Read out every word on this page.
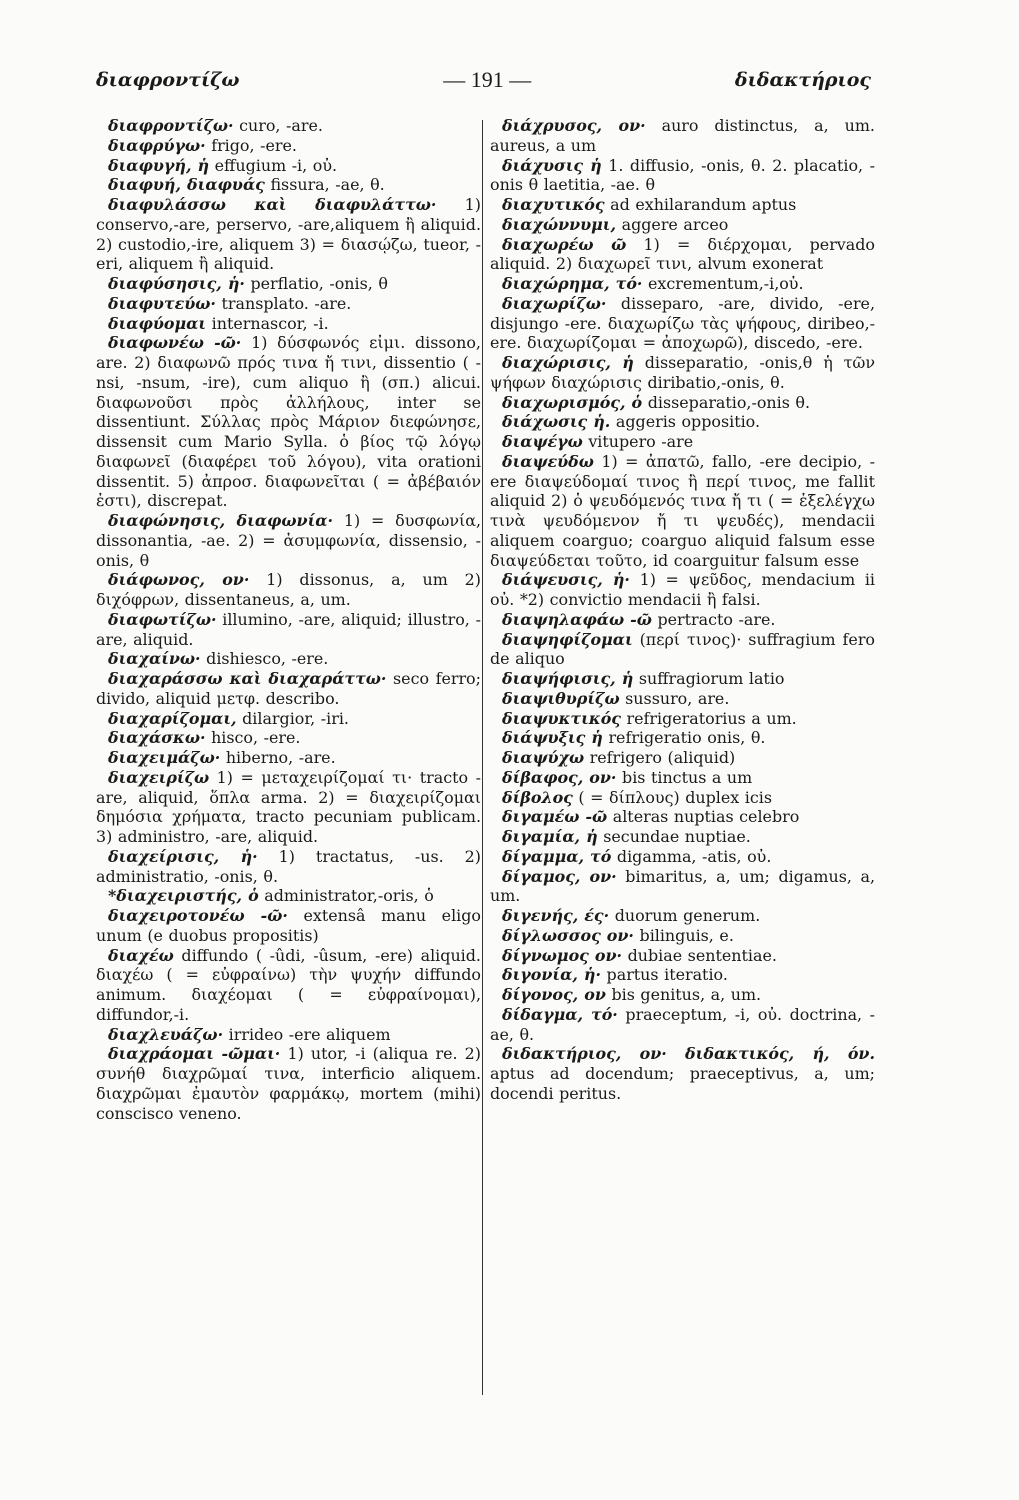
διαφροντίζω	— 191 —	διδακτήριος

διαφροντίζω· curo, -are.

διαφρύγω· frigo, -ere.

διαφυγή, ἡ effugium -i, οὐ.

διαφυή, διαφυάς fissura, -ae, θ.

διαφυλάσσω καὶ διαφυλάττω· 1) conservo,-are, perservo, -are,aliquem ἢ aliquid. 2) custodio,-ire, aliquem 3) = διασῴζω, tueor, -eri, aliquem ἢ aliquid.

διαφύσησις, ἡ· perflatio, -onis, θ

διαφυτεύω· transplato. -are.

διαφύομαι internascor, -i.

διαφωνέω -ῶ· 1) δύσφωνός εἰμι. dissono, are. 2) διαφωνῶ πρός τινα ἤ τινι, dissentio ( -nsi, -nsum, -ire), cum aliquo ἢ (σπ.) alicui. διαφωνοῦσι πρὸς ἀλλήλους, inter se dissentiunt. Σύλλας πρὸς Μάριον διεφώνησε, dissensit cum Mario Sylla. ὁ βίος τῷ λόγῳ διαφωνεῖ (διαφέρει τοῦ λόγου), vita orationi dissentit. 5) ἀπροσ. διαφωνεῖται ( = ἀβέβαιόν ἐστι), discrepat.

διαφώνησις, διαφωνία· 1) = δυσφωνία, dissonantia, -ae. 2) = ἀσυμφωνία, dissensio, -onis, θ

διάφωνος, ον· 1) dissonus, a, um 2) διχόφρων, dissentaneus, a, um.

διαφωτίζω· illumino, -are, aliquid; illustro, -are, aliquid.

διαχαίνω· dishiesco, -ere.

διαχαράσσω καὶ διαχαράττω· seco ferro; divido, aliquid μετφ. describo.

διαχαρίζομαι, dilargior, -iri.

διαχάσκω· hisco, -ere.

διαχειμάζω· hiberno, -are.

διαχειρίζω 1) = μεταχειρίζομαί τι· tracto -are, aliquid, ὅπλα arma. 2) = διαχειρίζομαι δημόσια χρήματα, tracto pecuniam publicam. 3) administro, -are, aliquid.

διαχείρισις, ἡ· 1) tractatus, -us. 2) administratio, -onis, θ.

*διαχειριστής, ὁ administrator,-oris, ὁ

διαχειροτονέω -ῶ· extensâ manu eligo unum (e duobus propositis)

διαχέω diffundo ( -ûdi, -ûsum, -ere) aliquid. διαχέω ( = εὐφραίνω) τὴν ψυχήν diffundo animum. διαχέομαι ( = εὐφραίνομαι), diffundor,-i.

διαχλευάζω· irrideo -ere aliquem

διαχράομαι -ῶμαι· 1) utor, -i (aliqua re. 2) συνήθ διαχρῶμαί τινα, interficio aliquem. διαχρῶμαι ἐμαυτὸν φαρμάκῳ, mortem (mihi) conscisco veneno.

διάχρυσος, ον· auro distinctus, a, um. aureus, a um

διάχυσις ἡ 1. diffusio, -onis, θ. 2. placatio, -onis θ laetitia, -ae. θ

διαχυτικός ad exhilarandum aptus

διαχώννυμι, aggere arceo

διαχωρέω ῶ 1) = διέρχομαι, pervado aliquid. 2) διαχωρεῖ τινι, alvum exonerat

διαχώρημα, τό· excrementum,-i,οὐ.

διαχωρίζω· disseparo, -are, divido, -ere, disjungo -ere. διαχωρίζω τὰς ψήφους, diribeo,-ere. διαχωρίζομαι = ἀποχωρῶ), discedo, -ere.

διαχώρισις, ἡ disseparatio, -onis,θ ἡ τῶν ψήφων διαχώρισις diribatio,-onis, θ.

διαχωρισμός, ὁ disseparatio,-onis θ.

διάχωσις ἡ. aggeris oppositio.

διαψέγω vitupero -are

διαψεύδω 1) = ἀπατῶ, fallo, -ere decipio, -ere διαψεύδομαί τινος ἢ περί τινος, me fallit aliquid 2) ὁ ψευδόμενός τινα ἤ τι ( = ἐξελέγχω τινὰ ψευδόμενον ἤ τι ψευδές), mendacii aliquem coarguo; coarguo aliquid falsum esse διαψεύδεται τοῦτο, id coarguitur falsum esse

διάψευσις, ἡ· 1) = ψεῦδος, mendacium ii οὐ. *2) convictio mendacii ἢ falsi.

διαψηλαφάω -ῶ pertracto -are.

διαψηφίζομαι (περί τινος)· suffragium fero de aliquo

διαψήφισις, ἡ suffragiorum latio

διαψιθυρίζω sussuro, are.

διαψυκτικός refrigeratorius a um.

διάψυξις ἡ refrigeratio onis, θ.

διαψύχω refrigero (aliquid)

δίβαφος, ον· bis tinctus a um

δίβολος ( = δίπλους) duplex icis

διγαμέω -ῶ alteras nuptias celebro

διγαμία, ἡ secundae nuptiae.

δίγαμμα, τό digamma, -atis, οὐ.

δίγαμος, ον· bimaritus, a, um; digamus, a, um.

διγενής, ές· duorum generum.

δίγλωσσος ον· bilinguis, e.

δίγνωμος ον· dubiae sententiae.

διγονία, ἡ· partus iteratio.

δίγονος, ον bis genitus, a, um.

δίδαγμα, τό· praeceptum, -i, οὐ. doctrina, -ae, θ.

διδακτήριος, ον· διδακτικός, ή, όν. aptus ad docendum; praeceptivus, a, um; docendi peritus.
